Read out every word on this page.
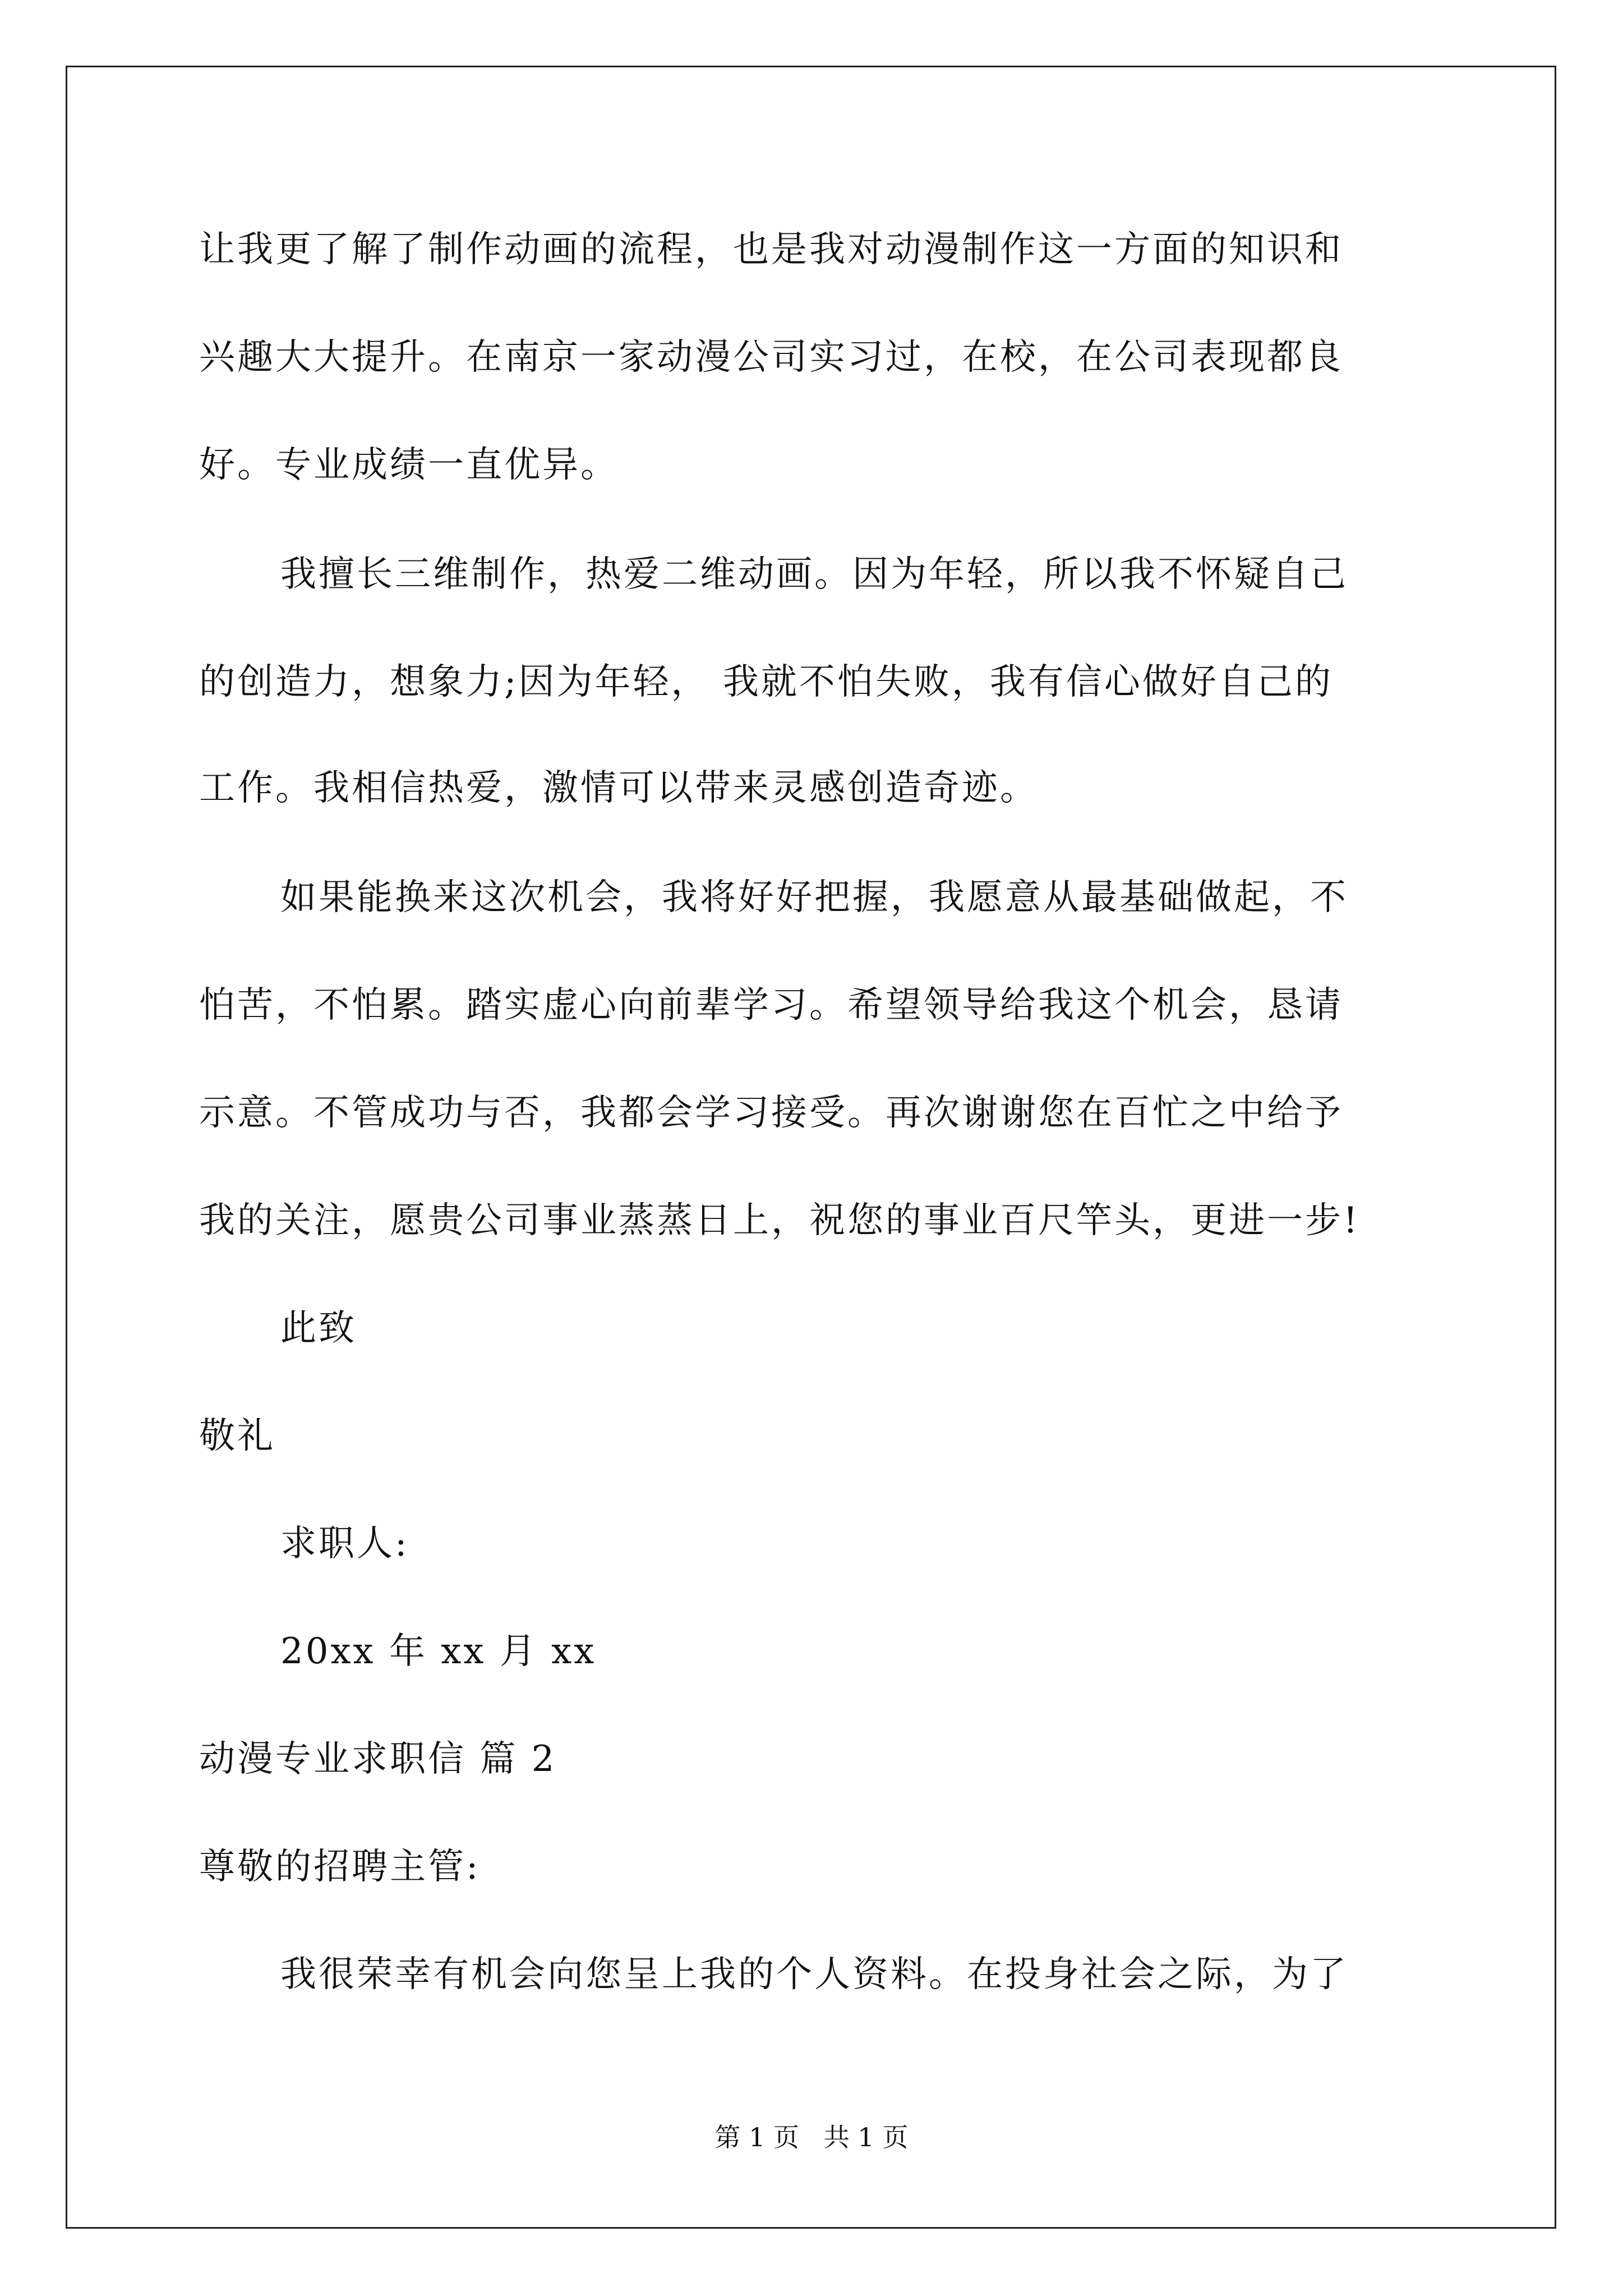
让我更了解了制作动画的流程，也是我对动漫制作这一方面的知识和
兴趣大大提升。在南京一家动漫公司实习过，在校，在公司表现都良
好。专业成绩一直优异。
我擅长三维制作，热爱二维动画。因为年轻，所以我不怀疑自己
的创造力，想象力;因为年轻， 我就不怕失败，我有信心做好自己的
工作。我相信热爱，激情可以带来灵感创造奇迹。
如果能换来这次机会，我将好好把握，我愿意从最基础做起，不
怕苦，不怕累。踏实虚心向前辈学习。希望领导给我这个机会，恳请
示意。不管成功与否，我都会学习接受。再次谢谢您在百忙之中给予
我的关注，愿贵公司事业蒸蒸日上，祝您的事业百尺竿头，更进一步!
此致
敬礼
求职人:
20xx 年 xx 月 xx
动漫专业求职信 篇 2
尊敬的招聘主管:
我很荣幸有机会向您呈上我的个人资料。在投身社会之际，为了
第 1 页   共 1 页
